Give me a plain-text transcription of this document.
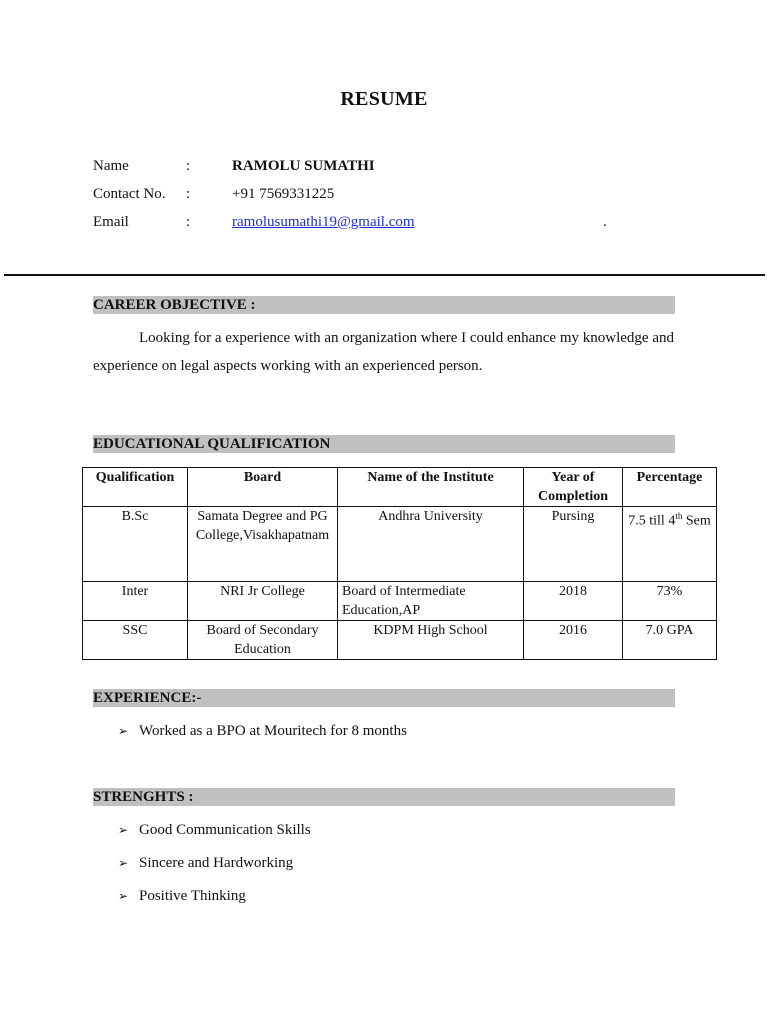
RESUME
Name	:	RAMOLU SUMATHI
Contact No.	:	+91 7569331225
Email	:	ramolusumathi19@gmail.com	.
CAREER OBJECTIVE :
Looking for a experience with an organization where I could enhance my knowledge and experience on legal aspects working with an experienced person.
EDUCATIONAL QUALIFICATION
Qualification	Board	Name of the Institute	Year of Completion	Percentage
B.Sc	Samata Degree and PG College,Visakhapatnam	Andhra University	Pursing	7.5 till 4th Sem
Inter	NRI Jr College	Board of Intermediate Education,AP	2018	73%
SSC	Board of Secondary Education	KDPM High School	2016	7.0 GPA
EXPERIENCE:-
➢ Worked as a BPO at Mouritech for 8 months
STRENGHTS :
➢ Good Communication Skills
➢ Sincere and Hardworking
➢ Positive Thinking
